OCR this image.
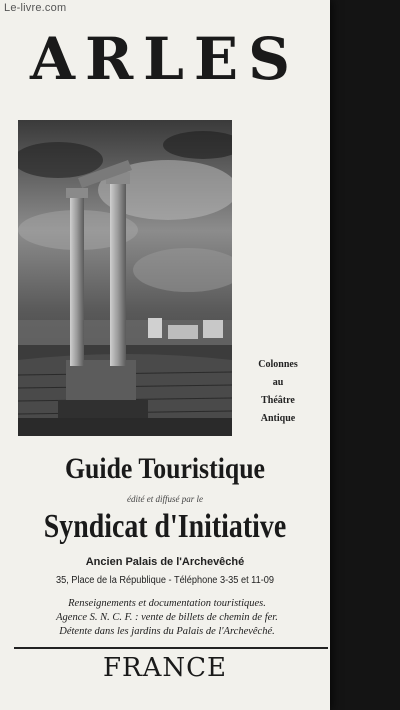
Le-livre.com
ARLES
Colonnes
au
Théâtre
Antique
Guide Touristique
édité et diffusé par le
Syndicat d'Initiative
Ancien Palais de l'Archevêché
35, Place de la République - Téléphone 3-35 et 11-09
Renseignements et documentation touristiques.
Agence S. N. C. F. : vente de billets de chemin de fer.
Détente dans les jardins du Palais de l'Archevêché.
FRANCE
